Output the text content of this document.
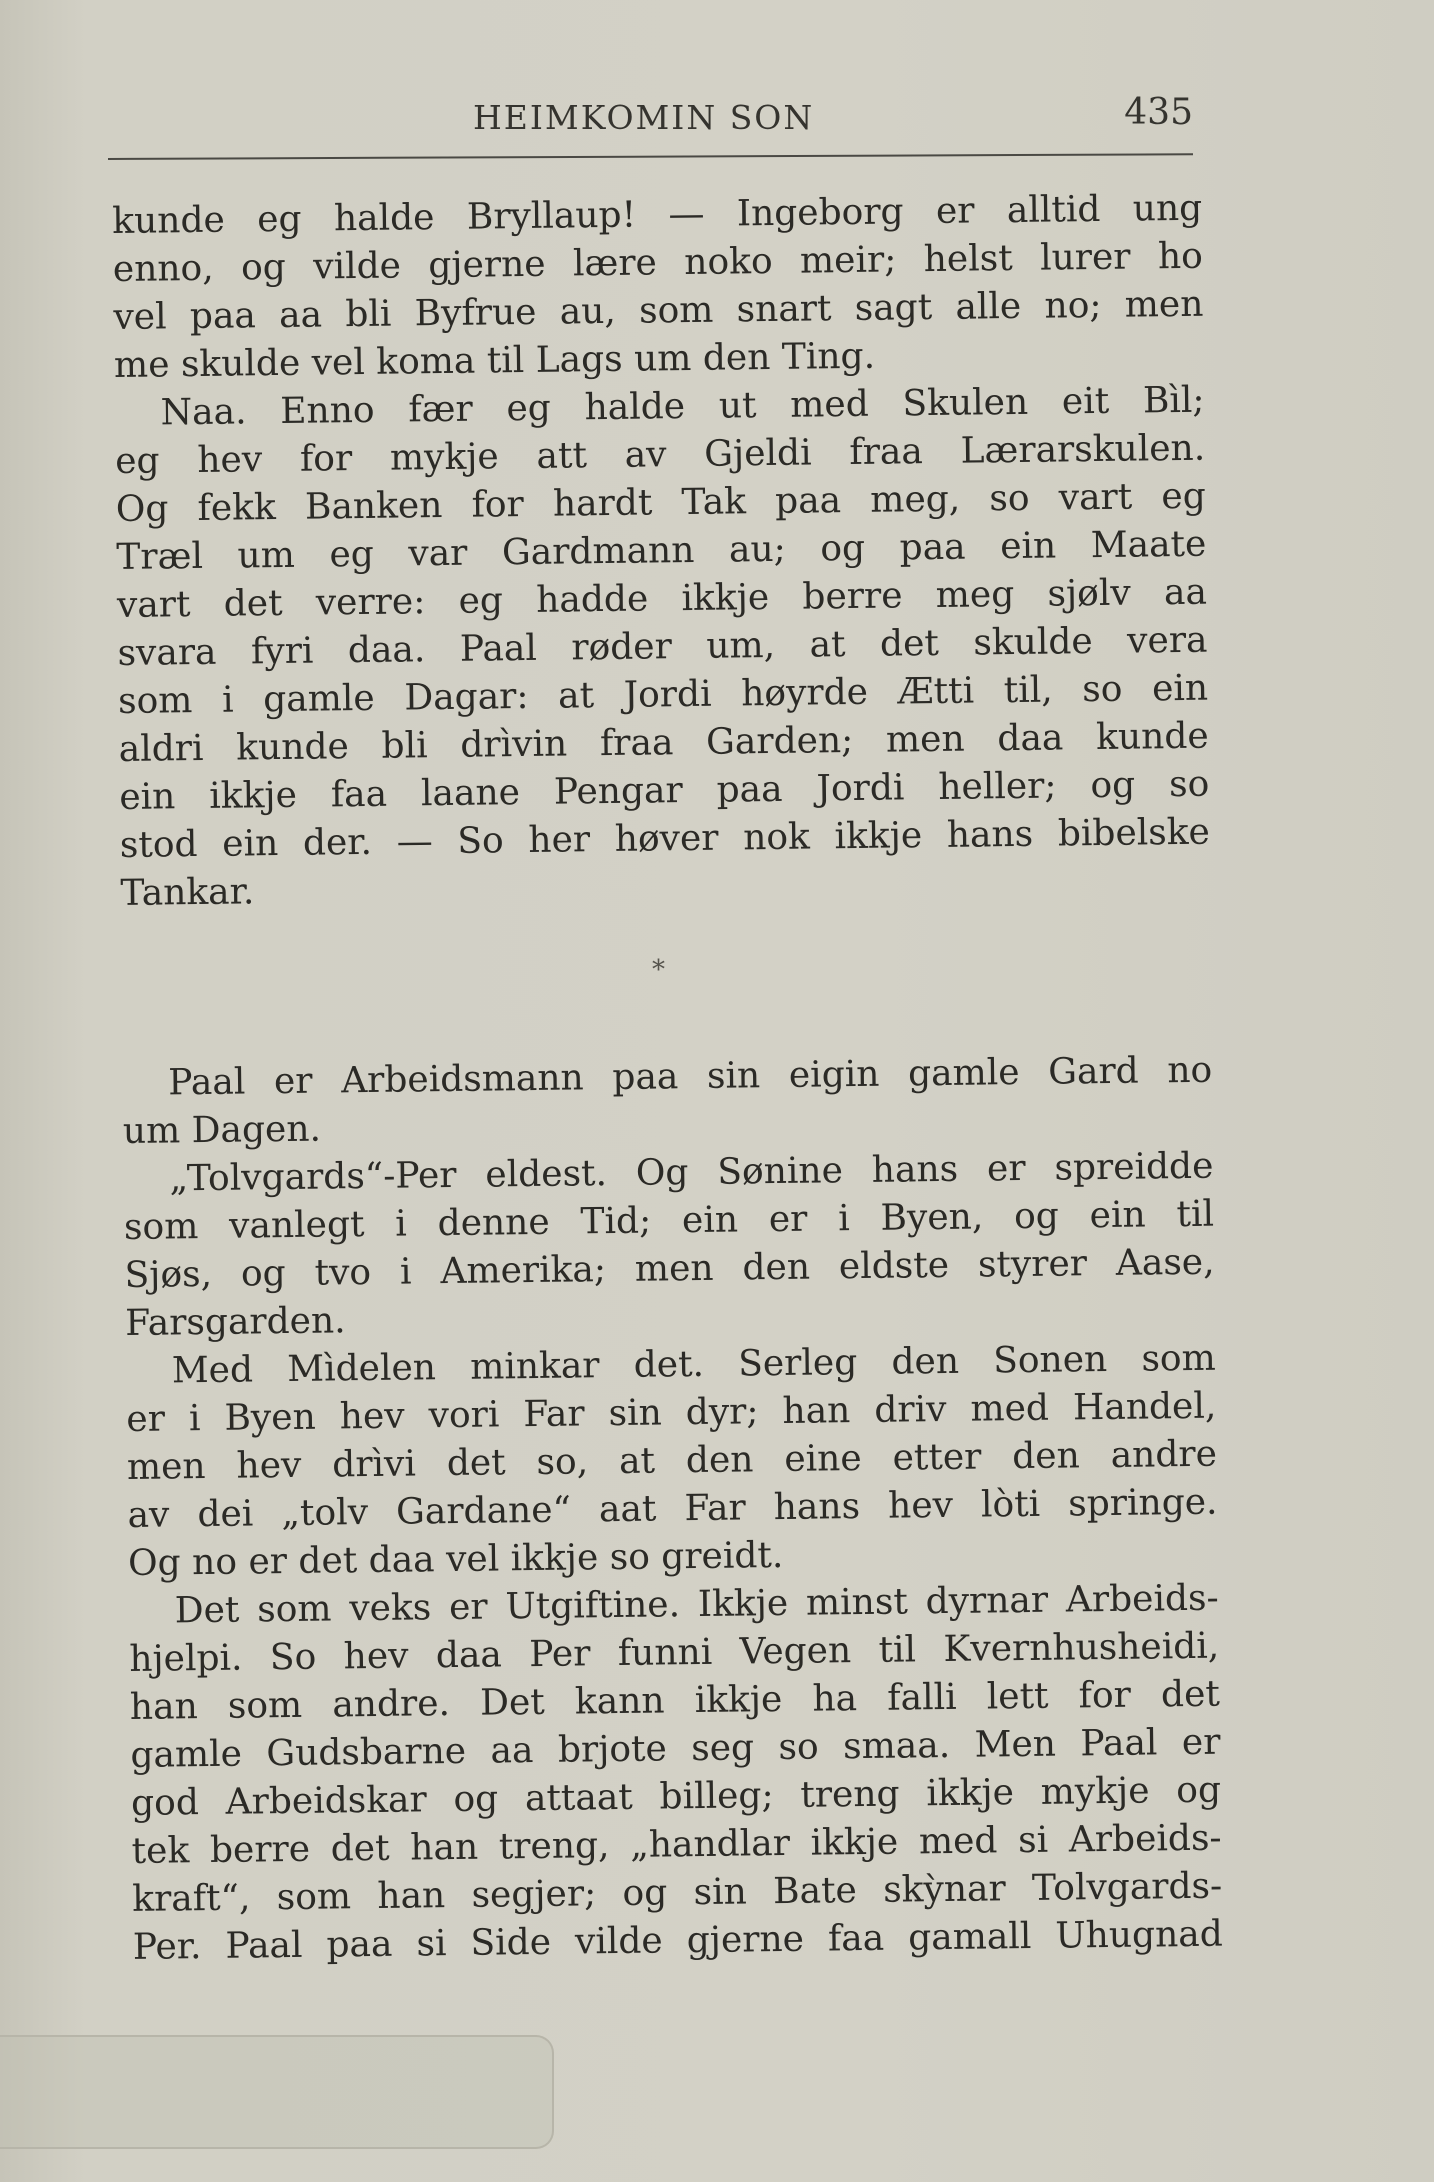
HEIMKOMIN SON	435
kunde eg halde Bryllaup! — Ingeborg er alltid ung
enno, og vilde gjerne lære noko meir; helst lurer ho
vel paa aa bli Byfrue au, som snart sagt alle no; men
me skulde vel koma til Lags um den Ting.
Naa. Enno fær eg halde ut med Skulen eit Bìl;
eg hev for mykje att av Gjeldi fraa Lærarskulen.
Og fekk Banken for hardt Tak paa meg, so vart eg
Træl um eg var Gardmann au; og paa ein Maate
vart det verre: eg hadde ikkje berre meg sjølv aa
svara fyri daa. Paal røder um, at det skulde vera
som i gamle Dagar: at Jordi høyrde Ætti til, so ein
aldri kunde bli drìvin fraa Garden; men daa kunde
ein ikkje faa laane Pengar paa Jordi heller; og so
stod ein der. — So her høver nok ikkje hans bibelske
Tankar.
*
Paal er Arbeidsmann paa sin eigin gamle Gard no
um Dagen.
„Tolvgards“-Per eldest. Og Sønine hans er spreidde
som vanlegt i denne Tid; ein er i Byen, og ein til
Sjøs, og tvo i Amerika; men den eldste styrer Aase,
Farsgarden.
Med Mìdelen minkar det. Serleg den Sonen som
er i Byen hev vori Far sin dyr; han driv med Handel,
men hev drìvi det so, at den eine etter den andre
av dei „tolv Gardane“ aat Far hans hev lòti springe.
Og no er det daa vel ikkje so greidt.
Det som veks er Utgiftine. Ikkje minst dyrnar Arbeids-
hjelpi. So hev daa Per funni Vegen til Kvernhusheidi,
han som andre. Det kann ikkje ha falli lett for det
gamle Gudsbarne aa brjote seg so smaa. Men Paal er
god Arbeidskar og attaat billeg; treng ikkje mykje og
tek berre det han treng, „handlar ikkje med si Arbeids-
kraft“, som han segjer; og sin Bate skỳnar Tolvgards-
Per. Paal paa si Side vilde gjerne faa gamall Uhugnad
